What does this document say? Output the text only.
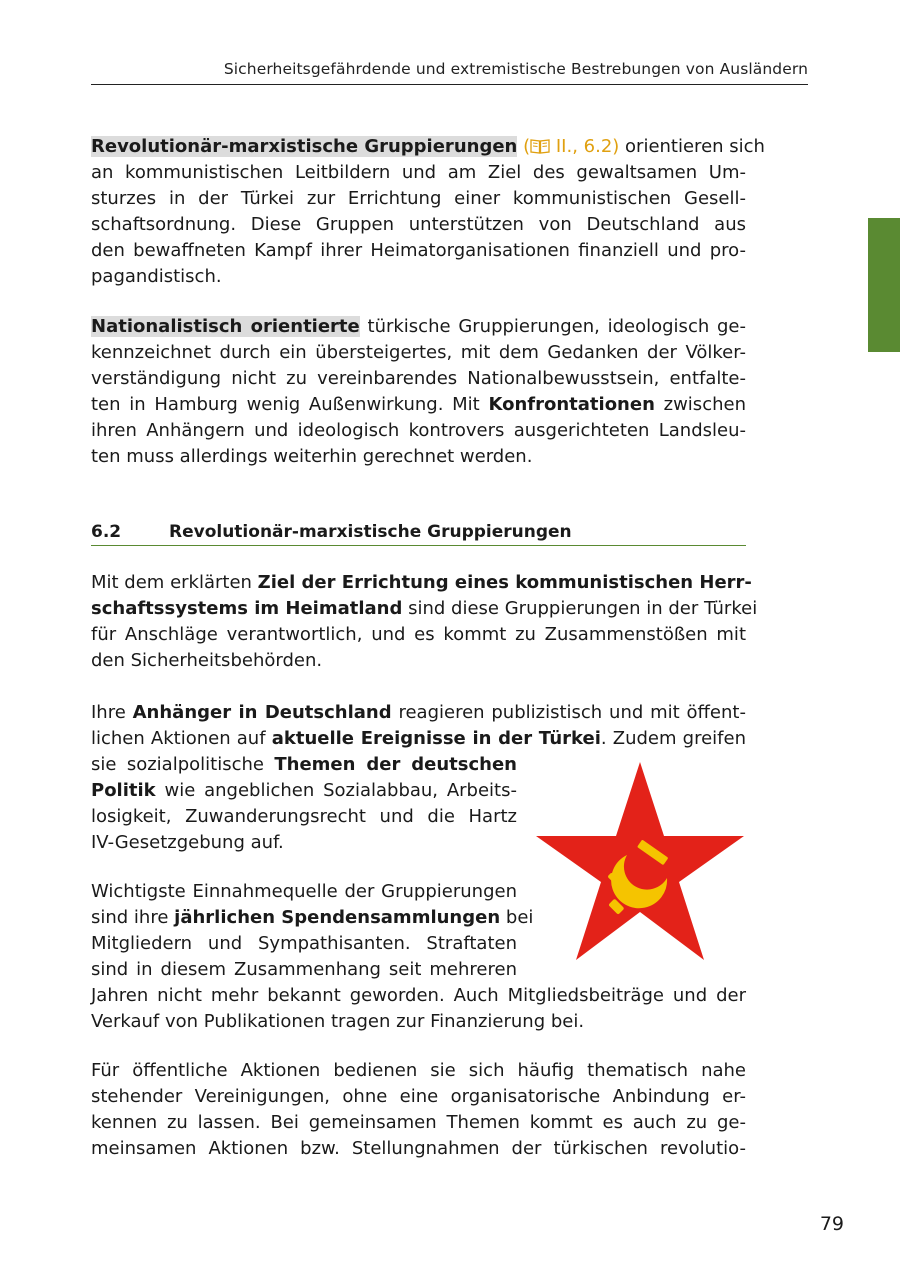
Sicherheitsgefährdende und extremistische Bestrebungen von Ausländern
Revolutionär-marxistische Gruppierungen ( II., 6.2) orientieren sich
an kommunistischen Leitbildern und am Ziel des gewaltsamen Um-
sturzes in der Türkei zur Errichtung einer kommunistischen Gesell-
schaftsordnung. Diese Gruppen unterstützen von Deutschland aus
den bewaffneten Kampf ihrer Heimatorganisationen finanziell und pro-
pagandistisch.
Nationalistisch orientierte türkische Gruppierungen, ideologisch ge-
kennzeichnet durch ein übersteigertes, mit dem Gedanken der Völker-
verständigung nicht zu vereinbarendes Nationalbewusstsein, entfalte-
ten in Hamburg wenig Außenwirkung. Mit Konfrontationen zwischen
ihren Anhängern und ideologisch kontrovers ausgerichteten Landsleu-
ten muss allerdings weiterhin gerechnet werden.
6.2	Revolutionär-marxistische Gruppierungen
Mit dem erklärten Ziel der Errichtung eines kommunistischen Herr-
schaftssystems im Heimatland sind diese Gruppierungen in der Türkei
für Anschläge verantwortlich, und es kommt zu Zusammenstößen mit
den Sicherheitsbehörden.
Ihre Anhänger in Deutschland reagieren publizistisch und mit öffent-
lichen Aktionen auf aktuelle Ereignisse in der Türkei. Zudem greifen
sie sozialpolitische Themen der deutschen
Politik wie angeblichen Sozialabbau, Arbeits-
losigkeit, Zuwanderungsrecht und die Hartz
IV-Gesetzgebung auf.
Wichtigste Einnahmequelle der Gruppierungen
sind ihre jährlichen Spendensammlungen bei
Mitgliedern und Sympathisanten. Straftaten
sind in diesem Zusammenhang seit mehreren
Jahren nicht mehr bekannt geworden. Auch Mitgliedsbeiträge und der
Verkauf von Publikationen tragen zur Finanzierung bei.
Für öffentliche Aktionen bedienen sie sich häufig thematisch nahe
stehender Vereinigungen, ohne eine organisatorische Anbindung er-
kennen zu lassen. Bei gemeinsamen Themen kommt es auch zu ge-
meinsamen Aktionen bzw. Stellungnahmen der türkischen revolutio-
79
